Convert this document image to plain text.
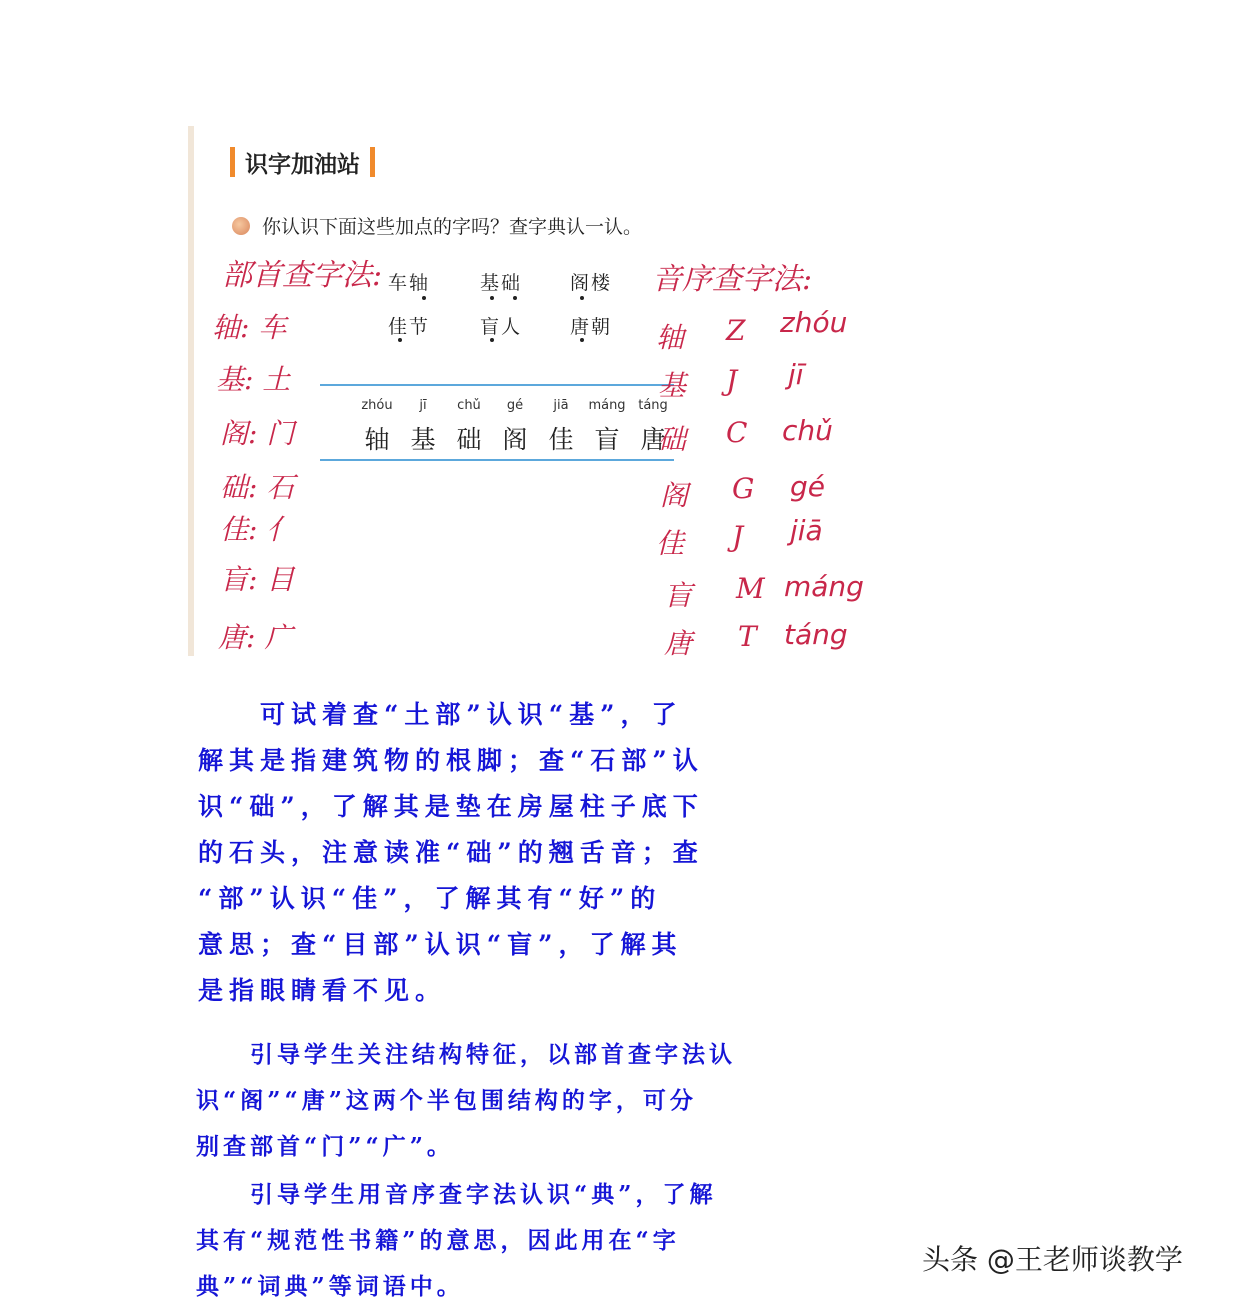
识字加油站
你认识下面这些加点的字吗？查字典认一认。
车轴	基础	阁楼
佳节	盲人	唐朝
zhóu
轴
jī
基
chǔ
础
gé
阁
jiā
佳
máng
盲
táng
唐
部首查字法:
轴: 车
基: 土
阁: 门
础: 石
佳: 亻
盲: 目
唐: 广
音序查字法:
轴 Z zhóu
基 J jī
础 C chǔ
阁 G gé
佳 J jiā
盲 M máng
唐 T táng
　　可试着查“土部”认识“基”，了
解其是指建筑物的根脚；查“石部”认
识“础”，了解其是垫在房屋柱子底下
的石头，注意读准“础”的翘舌音；查
“部”认识“佳”，了解其有“好”的
意思；查“目部”认识“盲”，了解其
是指眼睛看不见。
　　引导学生关注结构特征，以部首查字法认
识“阁”“唐”这两个半包围结构的字，可分
别查部首“门”“广”。
　　引导学生用音序查字法认识“典”，了解
其有“规范性书籍”的意思，因此用在“字
典”“词典”等词语中。
头条 @王老师谈教学
